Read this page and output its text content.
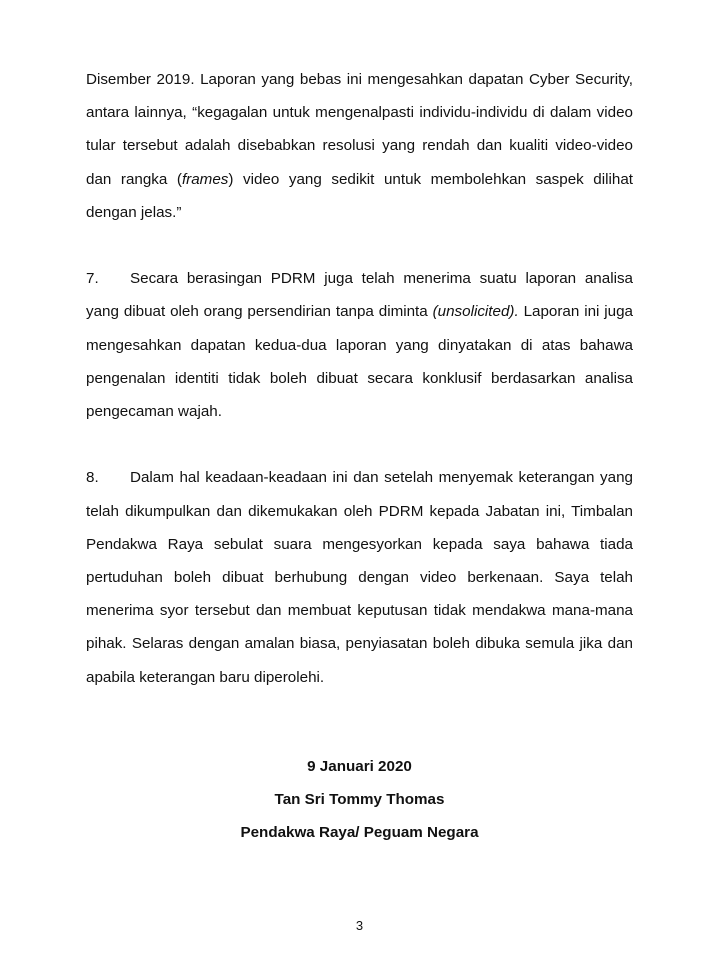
Disember 2019. Laporan yang bebas ini mengesahkan dapatan Cyber Security, antara lainnya, “kegagalan untuk mengenalpasti individu-individu di dalam video tular tersebut adalah disebabkan resolusi yang rendah dan kualiti video-video dan rangka (frames) video yang sedikit untuk membolehkan saspek dilihat dengan jelas.”

7. Secara berasingan PDRM juga telah menerima suatu laporan analisa yang dibuat oleh orang persendirian tanpa diminta (unsolicited). Laporan ini juga mengesahkan dapatan kedua-dua laporan yang dinyatakan di atas bahawa pengenalan identiti tidak boleh dibuat secara konklusif berdasarkan analisa pengecaman wajah.

8. Dalam hal keadaan-keadaan ini dan setelah menyemak keterangan yang telah dikumpulkan dan dikemukakan oleh PDRM kepada Jabatan ini, Timbalan Pendakwa Raya sebulat suara mengesyorkan kepada saya bahawa tiada pertuduhan boleh dibuat berhubung dengan video berkenaan. Saya telah menerima syor tersebut dan membuat keputusan tidak mendakwa mana-mana pihak. Selaras dengan amalan biasa, penyiasatan boleh dibuka semula jika dan apabila keterangan baru diperolehi.

9 Januari 2020
Tan Sri Tommy Thomas
Pendakwa Raya/ Peguam Negara
3
